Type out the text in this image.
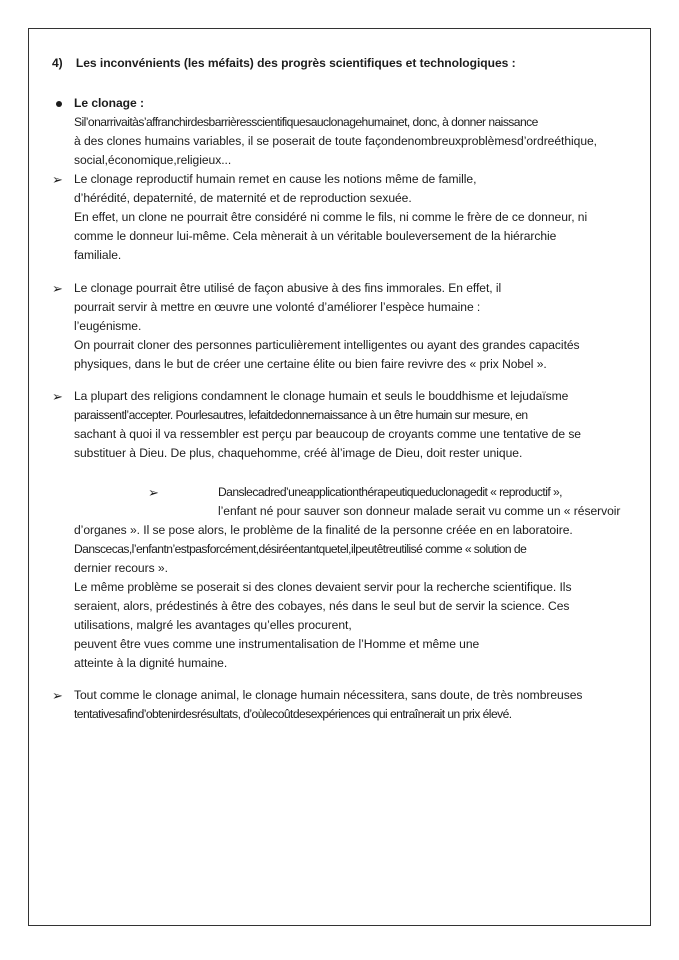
4)    Les inconvénients (les méfaits) des progrès scientifiques et technologiques :
Le clonage :
Sil’onarrivaitàs’affranchirdesbarrièresscientifiquesauclonagehumainet, donc, à donner naissance
à des clones humains variables, il se poserait de toute façondenombreuxproblèmesd’ordreéthique,
social,économique,religieux...
➢ Le clonage reproductif humain remet en cause les notions même de famille,
d’hérédité, depaternité, de maternité et de reproduction sexuée.
En effet, un clone ne pourrait être considéré ni comme le fils, ni comme le frère de ce donneur, ni
comme le donneur lui-même. Cela mènerait à un véritable bouleversement de la hiérarchie
familiale.
➢ Le clonage pourrait être utilisé de façon abusive à des fins immorales. En effet, il
pourrait servir à mettre en œuvre une volonté d’améliorer l’espèce humaine :
l’eugénisme.
On pourrait cloner des personnes particulièrement intelligentes ou ayant des grandes capacités
physiques, dans le but de créer une certaine élite ou bien faire revivre des « prix Nobel ».
➢ La plupart des religions condamnent le clonage humain et seuls le bouddhisme et lejudaïsme
paraissentl’accepter. Pourlesautres, lefaitdedonnernaissance à un être humain sur mesure, en
sachant à quoi il va ressembler est perçu par beaucoup de croyants comme une tentative de se
substituer à Dieu. De plus, chaquehomme, créé àl’image de Dieu, doit rester unique.
➢	Danslecadred’uneapplicationthérapeutiqueduclonagedit « reproductif »,
l’enfant né pour sauver son donneur malade serait vu comme un « réservoir
d’organes ». Il se pose alors, le problème de la finalité de la personne créée en en laboratoire.
Danscecas,l’enfantn’estpasforcément,désiréentantquetel,ilpeutêtreutilisé comme « solution de
dernier recours ».
Le même problème se poserait si des clones devaient servir pour la recherche scientifique. Ils
seraient, alors, prédestinés à être des cobayes, nés dans le seul but de servir la science. Ces
utilisations, malgré les avantages qu’elles procurent,
peuvent être vues comme une instrumentalisation de l’Homme et même une
atteinte à la dignité humaine.
➢ Tout comme le clonage animal, le clonage humain nécessitera, sans doute, de très nombreuses
tentativesafind’obtenirdesrésultats, d’oùlecoûtdesexpériences qui entraînerait un prix élevé.
